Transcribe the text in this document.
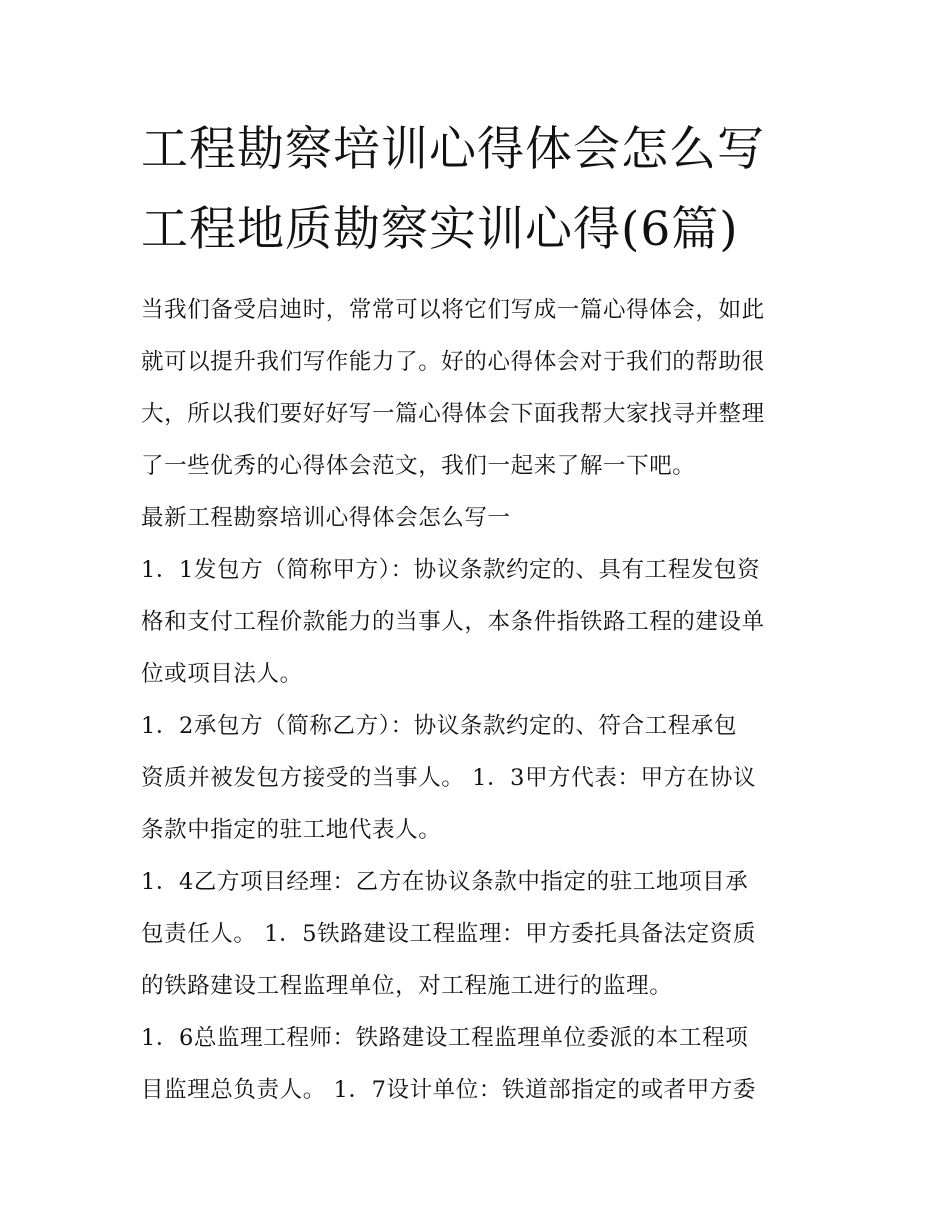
工程勘察培训心得体会怎么写
工程地质勘察实训心得(6篇)

当我们备受启迪时，常常可以将它们写成一篇心得体会，如此
就可以提升我们写作能力了。好的心得体会对于我们的帮助很
大，所以我们要好好写一篇心得体会下面我帮大家找寻并整理
了一些优秀的心得体会范文，我们一起来了解一下吧。

最新工程勘察培训心得体会怎么写一

1．1发包方（简称甲方）：协议条款约定的、具有工程发包资
格和支付工程价款能力的当事人，本条件指铁路工程的建设单
位或项目法人。

1．2承包方（简称乙方）：协议条款约定的、符合工程承包
资质并被发包方接受的当事人。 1．3甲方代表：甲方在协议
条款中指定的驻工地代表人。

1．4乙方项目经理：乙方在协议条款中指定的驻工地项目承
包责任人。 1．5铁路建设工程监理：甲方委托具备法定资质
的铁路建设工程监理单位，对工程施工进行的监理。

1．6总监理工程师：铁路建设工程监理单位委派的本工程项
目监理总负责人。 1．7设计单位：铁道部指定的或者甲方委
